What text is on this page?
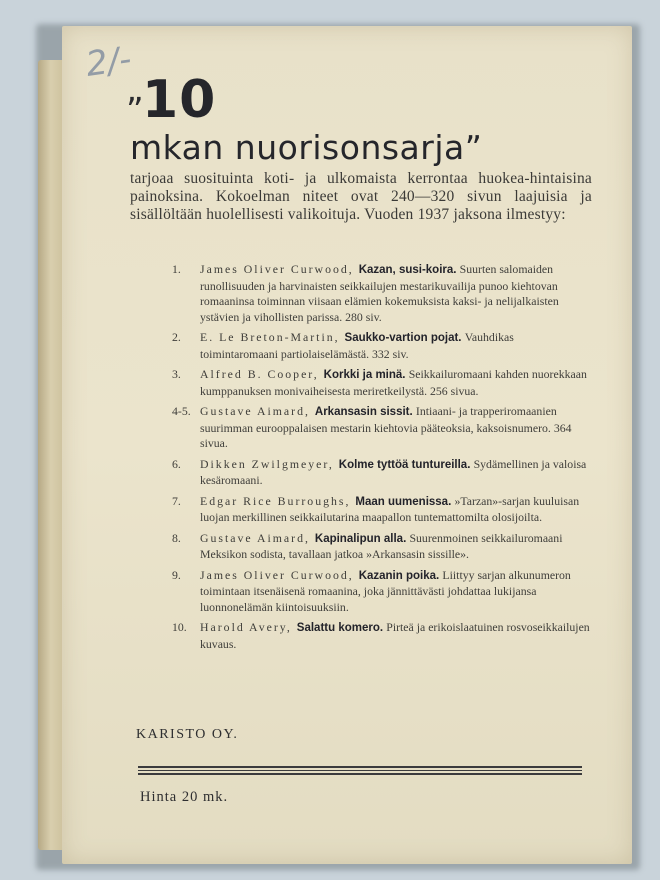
2/-
„
10
mkan nuorisonsarja”
tarjoaa suosituinta koti- ja ulkomaista kerrontaa huokea-hintaisina painoksina. Kokoelman niteet ovat 240—320 sivun laajuisia ja sisällöltään huolellisesti valikoituja. Vuoden 1937 jaksona ilmestyy:
1. James Oliver Curwood, Kazan, susi-koira. Suurten salomaiden runollisuuden ja harvinaisten seikkailujen mestarikuvailija punoo kiehtovan romaaninsa toiminnan viisaan elämien kokemuksista kaksi- ja nelijalkaisten ystävien ja vihollisten parissa. 280 siv.
2. E. Le Breton-Martin, Saukko-vartion pojat. Vauhdikas toimintaromaani partiolaiselämästä. 332 siv.
3. Alfred B. Cooper, Korkki ja minä. Seikkailuromaani kahden nuorekkaan kumppanuksen monivaiheisesta meriretkeilystä. 256 sivua.
4-5. Gustave Aimard, Arkansasin sissit. Intiaani- ja trapperiromaanien suurimman eurooppalaisen mestarin kiehtovia pääteoksia, kaksoisnumero. 364 sivua.
6. Dikken Zwilgmeyer, Kolme tyttöä tuntureilla. Sydämellinen ja valoisa kesäromaani.
7. Edgar Rice Burroughs, Maan uumenissa. »Tarzan»-sarjan kuuluisan luojan merkillinen seikkailutarina maapallon tuntemattomilta olosijoilta.
8. Gustave Aimard, Kapinalipun alla. Suurenmoinen seikkailuromaani Meksikon sodista, tavallaan jatkoa »Arkansasin sissille».
9. James Oliver Curwood, Kazanin poika. Liittyy sarjan alkunumeron toimintaan itsenäisenä romaanina, joka jännittävästi johdattaa lukijansa luonnonelämän kiintoisuuksiin.
10. Harold Avery, Salattu komero. Pirteä ja erikoislaatuinen rosvoseikkailujen kuvaus.
KARISTO OY.
Hinta 20 mk.
